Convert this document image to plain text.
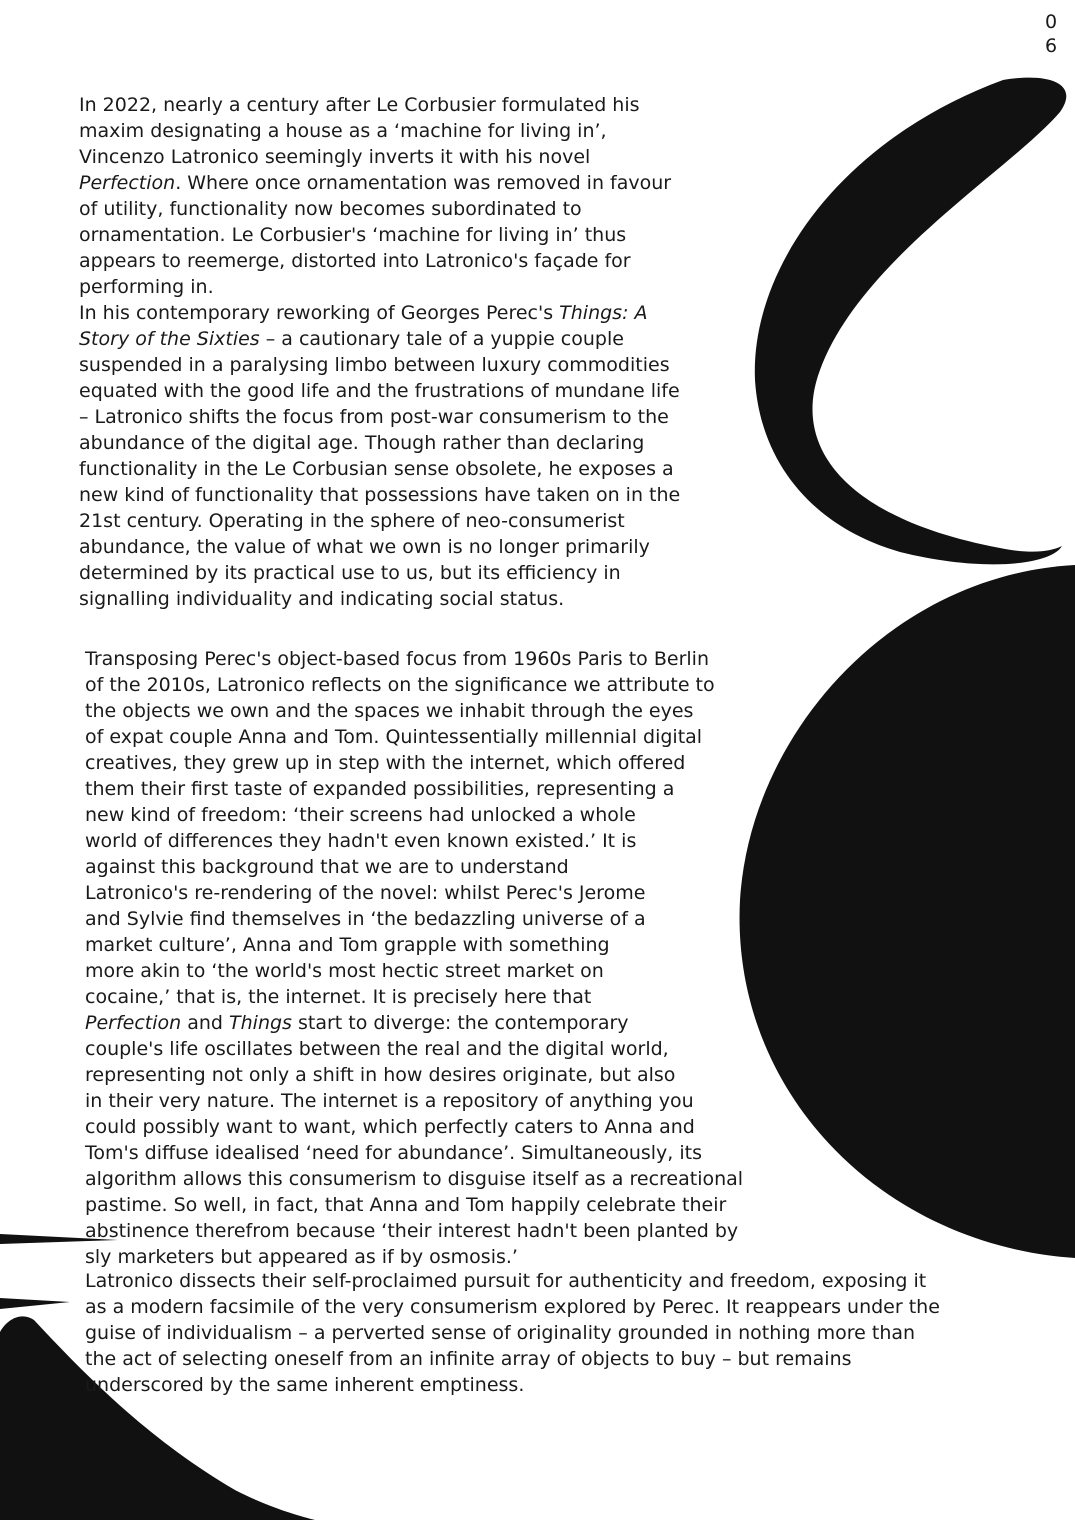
0
6

In 2022, nearly a century after Le Corbusier formulated his

maxim designating a house as a ‘machine for living in’,

Vincenzo Latronico seemingly inverts it with his novel

Perfection. Where once ornamentation was removed in favour

of utility, functionality now becomes subordinated to

ornamentation. Le Corbusier's ‘machine for living in’ thus

appears to reemerge, distorted into Latronico's façade for

performing in.

In his contemporary reworking of Georges Perec's Things: A

Story of the Sixties – a cautionary tale of a yuppie couple

suspended in a paralysing limbo between luxury commodities

equated with the good life and the frustrations of mundane life

– Latronico shifts the focus from post-war consumerism to the

abundance of the digital age. Though rather than declaring

functionality in the Le Corbusian sense obsolete, he exposes a

new kind of functionality that possessions have taken on in the

21st century. Operating in the sphere of neo-consumerist

abundance, the value of what we own is no longer primarily

determined by its practical use to us, but its efficiency in

signalling individuality and indicating social status.

Transposing Perec's object-based focus from 1960s Paris to Berlin

of the 2010s, Latronico reflects on the significance we attribute to

the objects we own and the spaces we inhabit through the eyes

of expat couple Anna and Tom. Quintessentially millennial digital

creatives, they grew up in step with the internet, which offered

them their first taste of expanded possibilities, representing a

new kind of freedom: ‘their screens had unlocked a whole

world of differences they hadn't even known existed.’ It is

against this background that we are to understand

Latronico's re-rendering of the novel: whilst Perec's Jerome

and Sylvie find themselves in ‘the bedazzling universe of a

market culture’, Anna and Tom grapple with something

more akin to ‘the world's most hectic street market on

cocaine,’ that is, the internet. It is precisely here that

Perfection and Things start to diverge: the contemporary

couple's life oscillates between the real and the digital world,

representing not only a shift in how desires originate, but also

in their very nature. The internet is a repository of anything you

could possibly want to want, which perfectly caters to Anna and

Tom's diffuse idealised ‘need for abundance’. Simultaneously, its

algorithm allows this consumerism to disguise itself as a recreational

pastime. So well, in fact, that Anna and Tom happily celebrate their

abstinence therefrom because ‘their interest hadn't been planted by

sly marketers but appeared as if by osmosis.’

Latronico dissects their self-proclaimed pursuit for authenticity and freedom, exposing it

as a modern facsimile of the very consumerism explored by Perec. It reappears under the

guise of individualism – a perverted sense of originality grounded in nothing more than

the act of selecting oneself from an infinite array of objects to buy – but remains

underscored by the same inherent emptiness.
